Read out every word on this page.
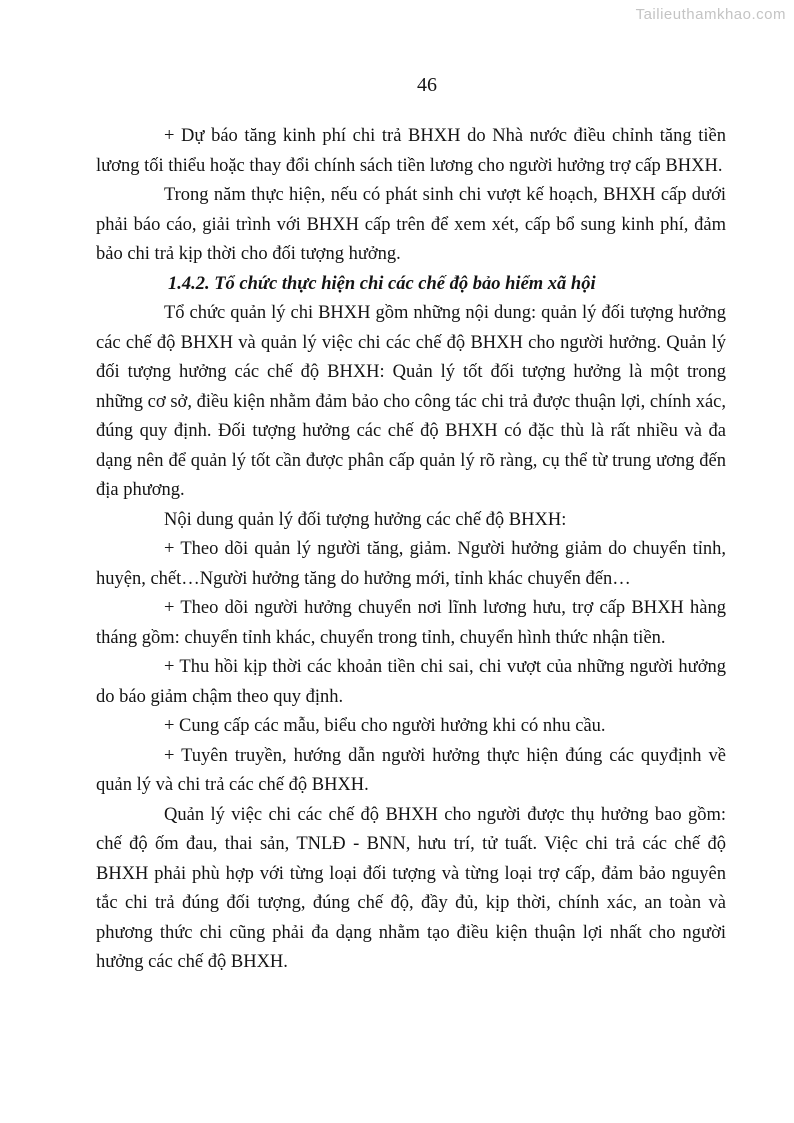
Tailieuthamkhao.com
46

+ Dự báo tăng kinh phí chi trả BHXH do Nhà nước điều chỉnh tăng tiền lương tối thiểu hoặc thay đổi chính sách tiền lương cho người hưởng trợ cấp BHXH.

Trong năm thực hiện, nếu có phát sinh chi vượt kế hoạch, BHXH cấp dưới phải báo cáo, giải trình với BHXH cấp trên để xem xét, cấp bổ sung kinh phí, đảm bảo chi trả kịp thời cho đối tượng hưởng.

1.4.2. Tổ chức thực hiện chi các chế độ bảo hiểm xã hội

Tổ chức quản lý chi BHXH gồm những nội dung: quản lý đối tượng hưởng các chế độ BHXH và quản lý việc chi các chế độ BHXH cho người hưởng. Quản lý đối tượng hưởng các chế độ BHXH: Quản lý tốt đối tượng hưởng là một trong những cơ sở, điều kiện nhằm đảm bảo cho công tác chi trả được thuận lợi, chính xác, đúng quy định. Đối tượng hưởng các chế độ BHXH có đặc thù là rất nhiều và đa dạng nên để quản lý tốt cần được phân cấp quản lý rõ ràng, cụ thể từ trung ương đến địa phương.

Nội dung quản lý đối tượng hưởng các chế độ BHXH:

+ Theo dõi quản lý người tăng, giảm. Người hưởng giảm do chuyển tỉnh, huyện, chết…Người hưởng tăng do hưởng mới, tỉnh khác chuyển đến…

+ Theo dõi người hưởng chuyển nơi lĩnh lương hưu, trợ cấp BHXH hàng tháng gồm: chuyển tỉnh khác, chuyển trong tỉnh, chuyển hình thức nhận tiền.

+ Thu hồi kịp thời các khoản tiền chi sai, chi vượt của những người hưởng do báo giảm chậm theo quy định.

+ Cung cấp các mẫu, biểu cho người hưởng khi có nhu cầu.

+ Tuyên truyền, hướng dẫn người hưởng thực hiện đúng các quyđịnh về quản lý và chi trả các chế độ BHXH.

Quản lý việc chi các chế độ BHXH cho người được thụ hưởng bao gồm: chế độ ốm đau, thai sản, TNLĐ - BNN, hưu trí, tử tuất. Việc chi trả các chế độ BHXH phải phù hợp với từng loại đối tượng và từng loại trợ cấp, đảm bảo nguyên tắc chi trả đúng đối tượng, đúng chế độ, đầy đủ, kịp thời, chính xác, an toàn và phương thức chi cũng phải đa dạng nhằm tạo điều kiện thuận lợi nhất cho người hưởng các chế độ BHXH.
